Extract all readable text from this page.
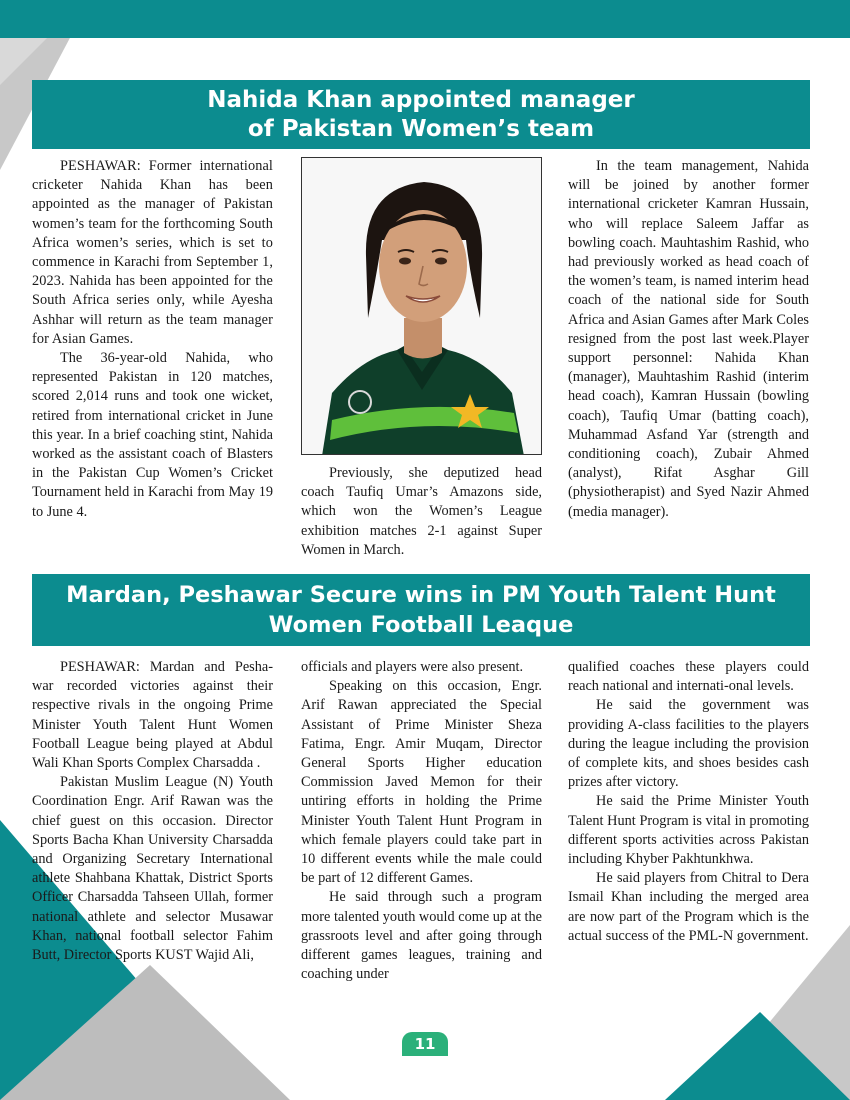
Nahida Khan appointed manager
of Pakistan Women’s team

PESHAWAR: Former international cricketer Nahida Khan has been appointed as the manager of Pakistan women’s team for the forthcoming South Africa women’s series, which is set to commence in Karachi from September 1, 2023. Nahida has been appointed for the South Africa series only, while Ayesha Ashhar will return as the team manager for Asian Games.

The 36-year-old Nahida, who represented Pakistan in 120 matches, scored 2,014 runs and took one wicket, retired from international cricket in June this year. In a brief coaching stint, Nahida worked as the assistant coach of Blasters in the Pakistan Cup Women’s Cricket Tournament held in Karachi from May 19 to June 4.

Previously, she deputized head coach Taufiq Umar’s Amazons side, which won the Women’s League exhibition matches 2-1 against Super Women in March.

In the team management, Nahida will be joined by another former international cricketer Kamran Hussain, who will replace Saleem Jaffar as bowling coach. Mauhtashim Rashid, who had previously worked as head coach of the women’s team, is named interim head coach of the national side for South Africa and Asian Games after Mark Coles resigned from the post last week.Player support personnel: Nahida Khan (manager), Mauhtashim Rashid (interim head coach), Kamran Hussain (bowling coach), Taufiq Umar (batting coach), Muhammad Asfand Yar (strength and conditioning coach), Zubair Ahmed (analyst), Rifat Asghar Gill (physiotherapist) and Syed Nazir Ahmed (media manager).

Mardan, Peshawar Secure wins in PM Youth Talent Hunt
Women Football Leaque

PESHAWAR: Mardan and Pesha-war recorded victories against their respective rivals in the ongoing Prime Minister Youth Talent Hunt Women Football League being played at Abdul Wali Khan Sports Complex Charsadda .

Pakistan Muslim League (N) Youth Coordination Engr. Arif Rawan was the chief guest on this occasion. Director Sports Bacha Khan University Charsadda and Organizing Secretary International athlete Shahbana Khattak, District Sports Officer Charsadda Tahseen Ullah, former national athlete and selector Musawar Khan, national football selector Fahim Butt, Director Sports KUST Wajid Ali,

officials and players were also present.

Speaking on this occasion, Engr. Arif Rawan appreciated the Special Assistant of Prime Minister Sheza Fatima, Engr. Amir Muqam, Director General Sports Higher education Commission Javed Memon for their untiring efforts in holding the Prime Minister Youth Talent Hunt Program in which female players could take part in 10 different events while the male could be part of 12 different Games.

He said through such a program more talented youth would come up at the grassroots level and after going through different games leagues, training and coaching under

qualified coaches these players could reach national and internati-onal levels.

He said the government was providing A-class facilities to the players during the league including the provision of complete kits, and shoes besides cash prizes after victory.

He said the Prime Minister Youth Talent Hunt Program is vital in promoting different sports activities across Pakistan including Khyber Pakhtunkhwa.

He said players from Chitral to Dera Ismail Khan including the merged area are now part of the Program which is the actual success of the PML-N government.

11
